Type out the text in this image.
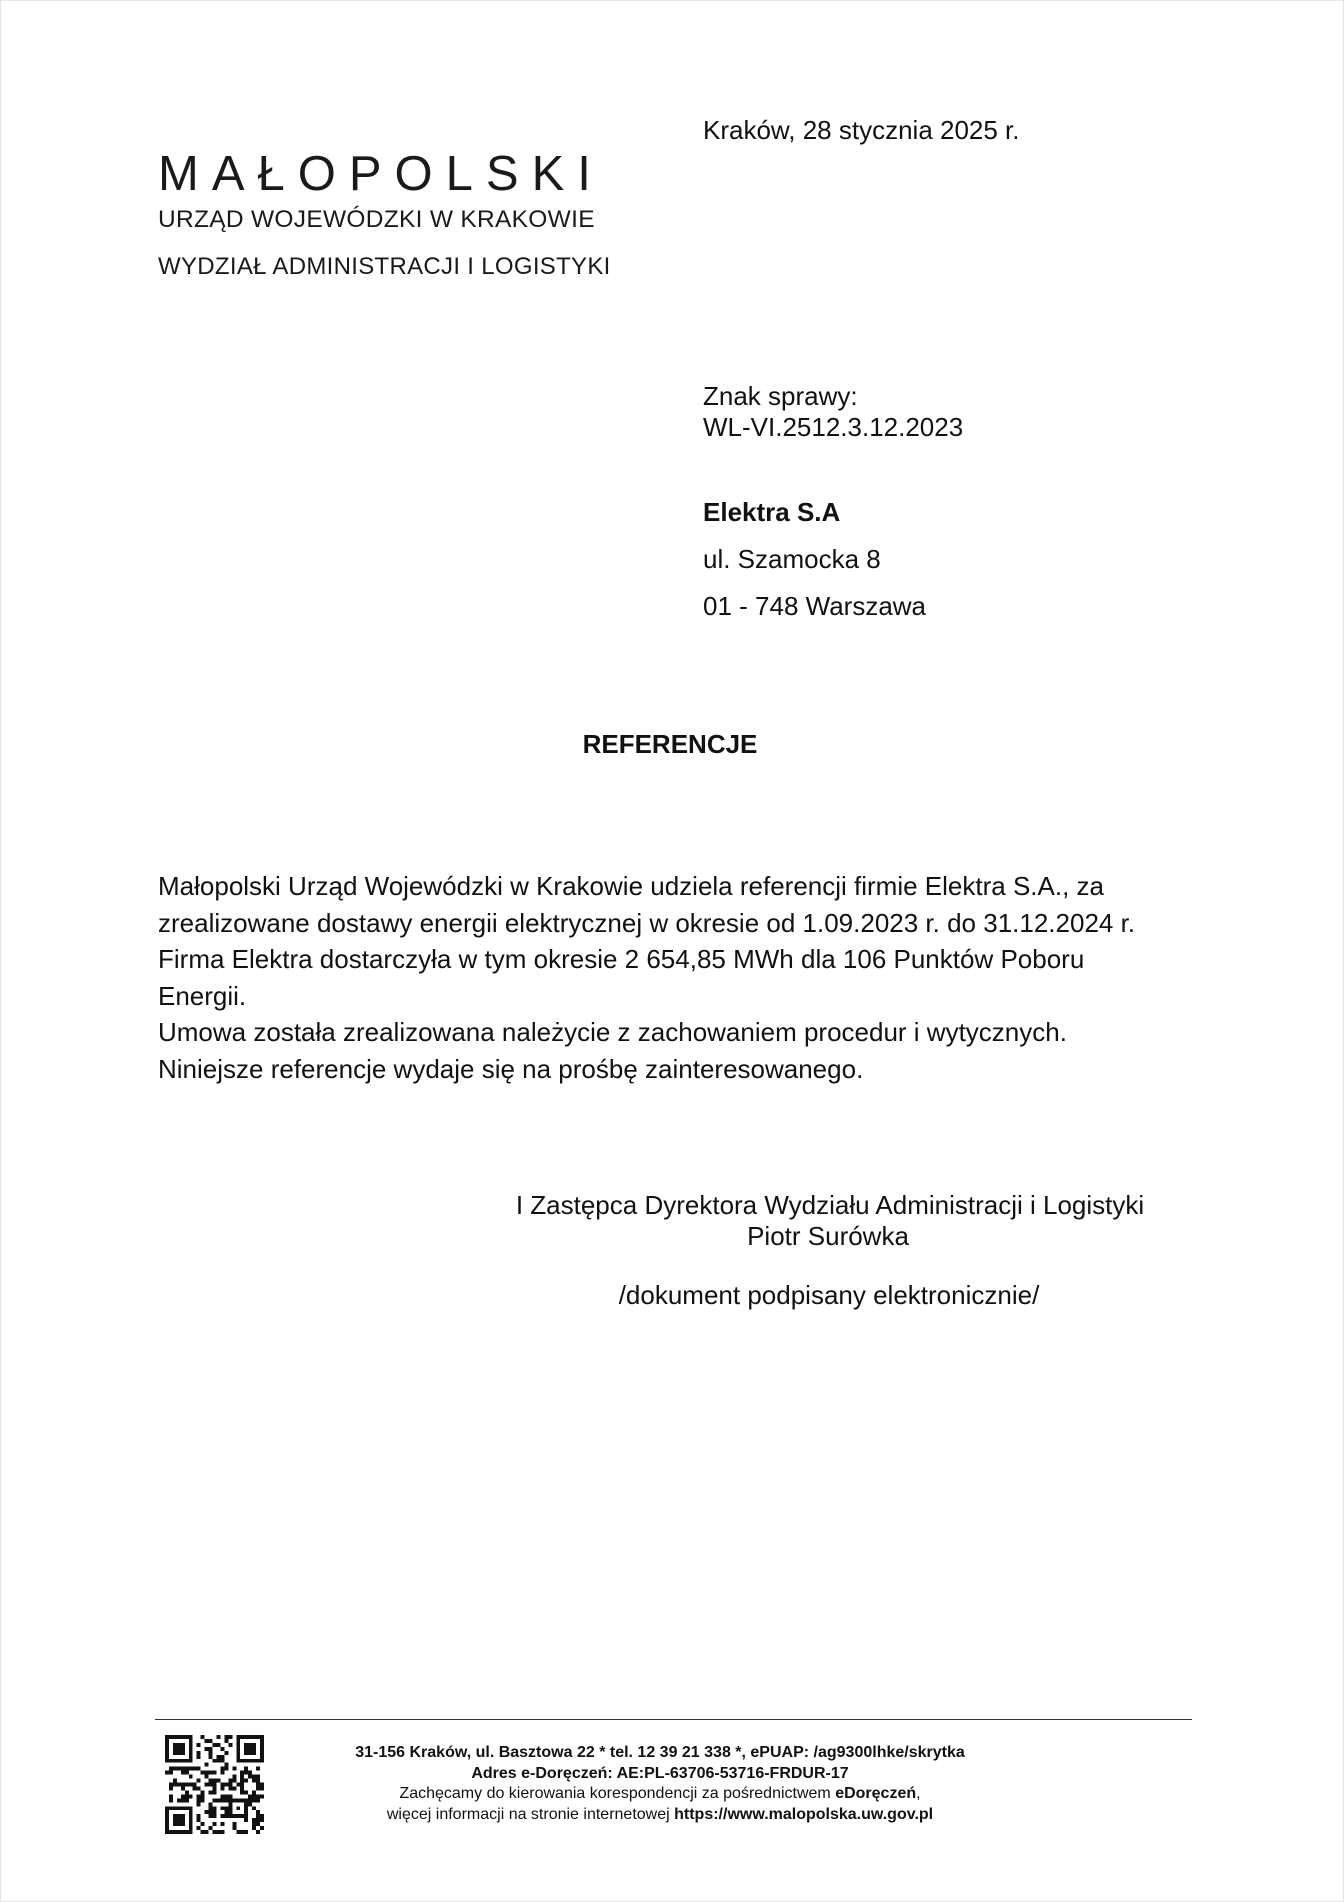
MAŁOPOLSKI
URZĄD WOJEWÓDZKI W KRAKOWIE
WYDZIAŁ ADMINISTRACJI I LOGISTYKI
Kraków, 28 stycznia 2025 r.
Znak sprawy:
WL-VI.2512.3.12.2023
Elektra S.A
ul. Szamocka 8
01 - 748 Warszawa
REFERENCJE

Małopolski Urząd Wojewódzki w Krakowie udziela referencji firmie Elektra S.A., za

zrealizowane dostawy energii elektrycznej w okresie od 1.09.2023 r. do 31.12.2024 r.

Firma Elektra dostarczyła w tym okresie 2 654,85 MWh dla 106 Punktów Poboru

Energii.

Umowa została zrealizowana należycie z zachowaniem procedur i wytycznych.

Niniejsze referencje wydaje się na prośbę zainteresowanego.

I Zastępca Dyrektora Wydziału Administracji i Logistyki
Piotr Surówka
/dokument podpisany elektronicznie/
31-156 Kraków, ul. Basztowa 22 * tel. 12 39 21 338 *, ePUAP: /ag9300lhke/skrytka
Adres e-Doręczeń: AE:PL-63706-53716-FRDUR-17
Zachęcamy do kierowania korespondencji za pośrednictwem eDoręczeń,
więcej informacji na stronie internetowej https://www.malopolska.uw.gov.pl
